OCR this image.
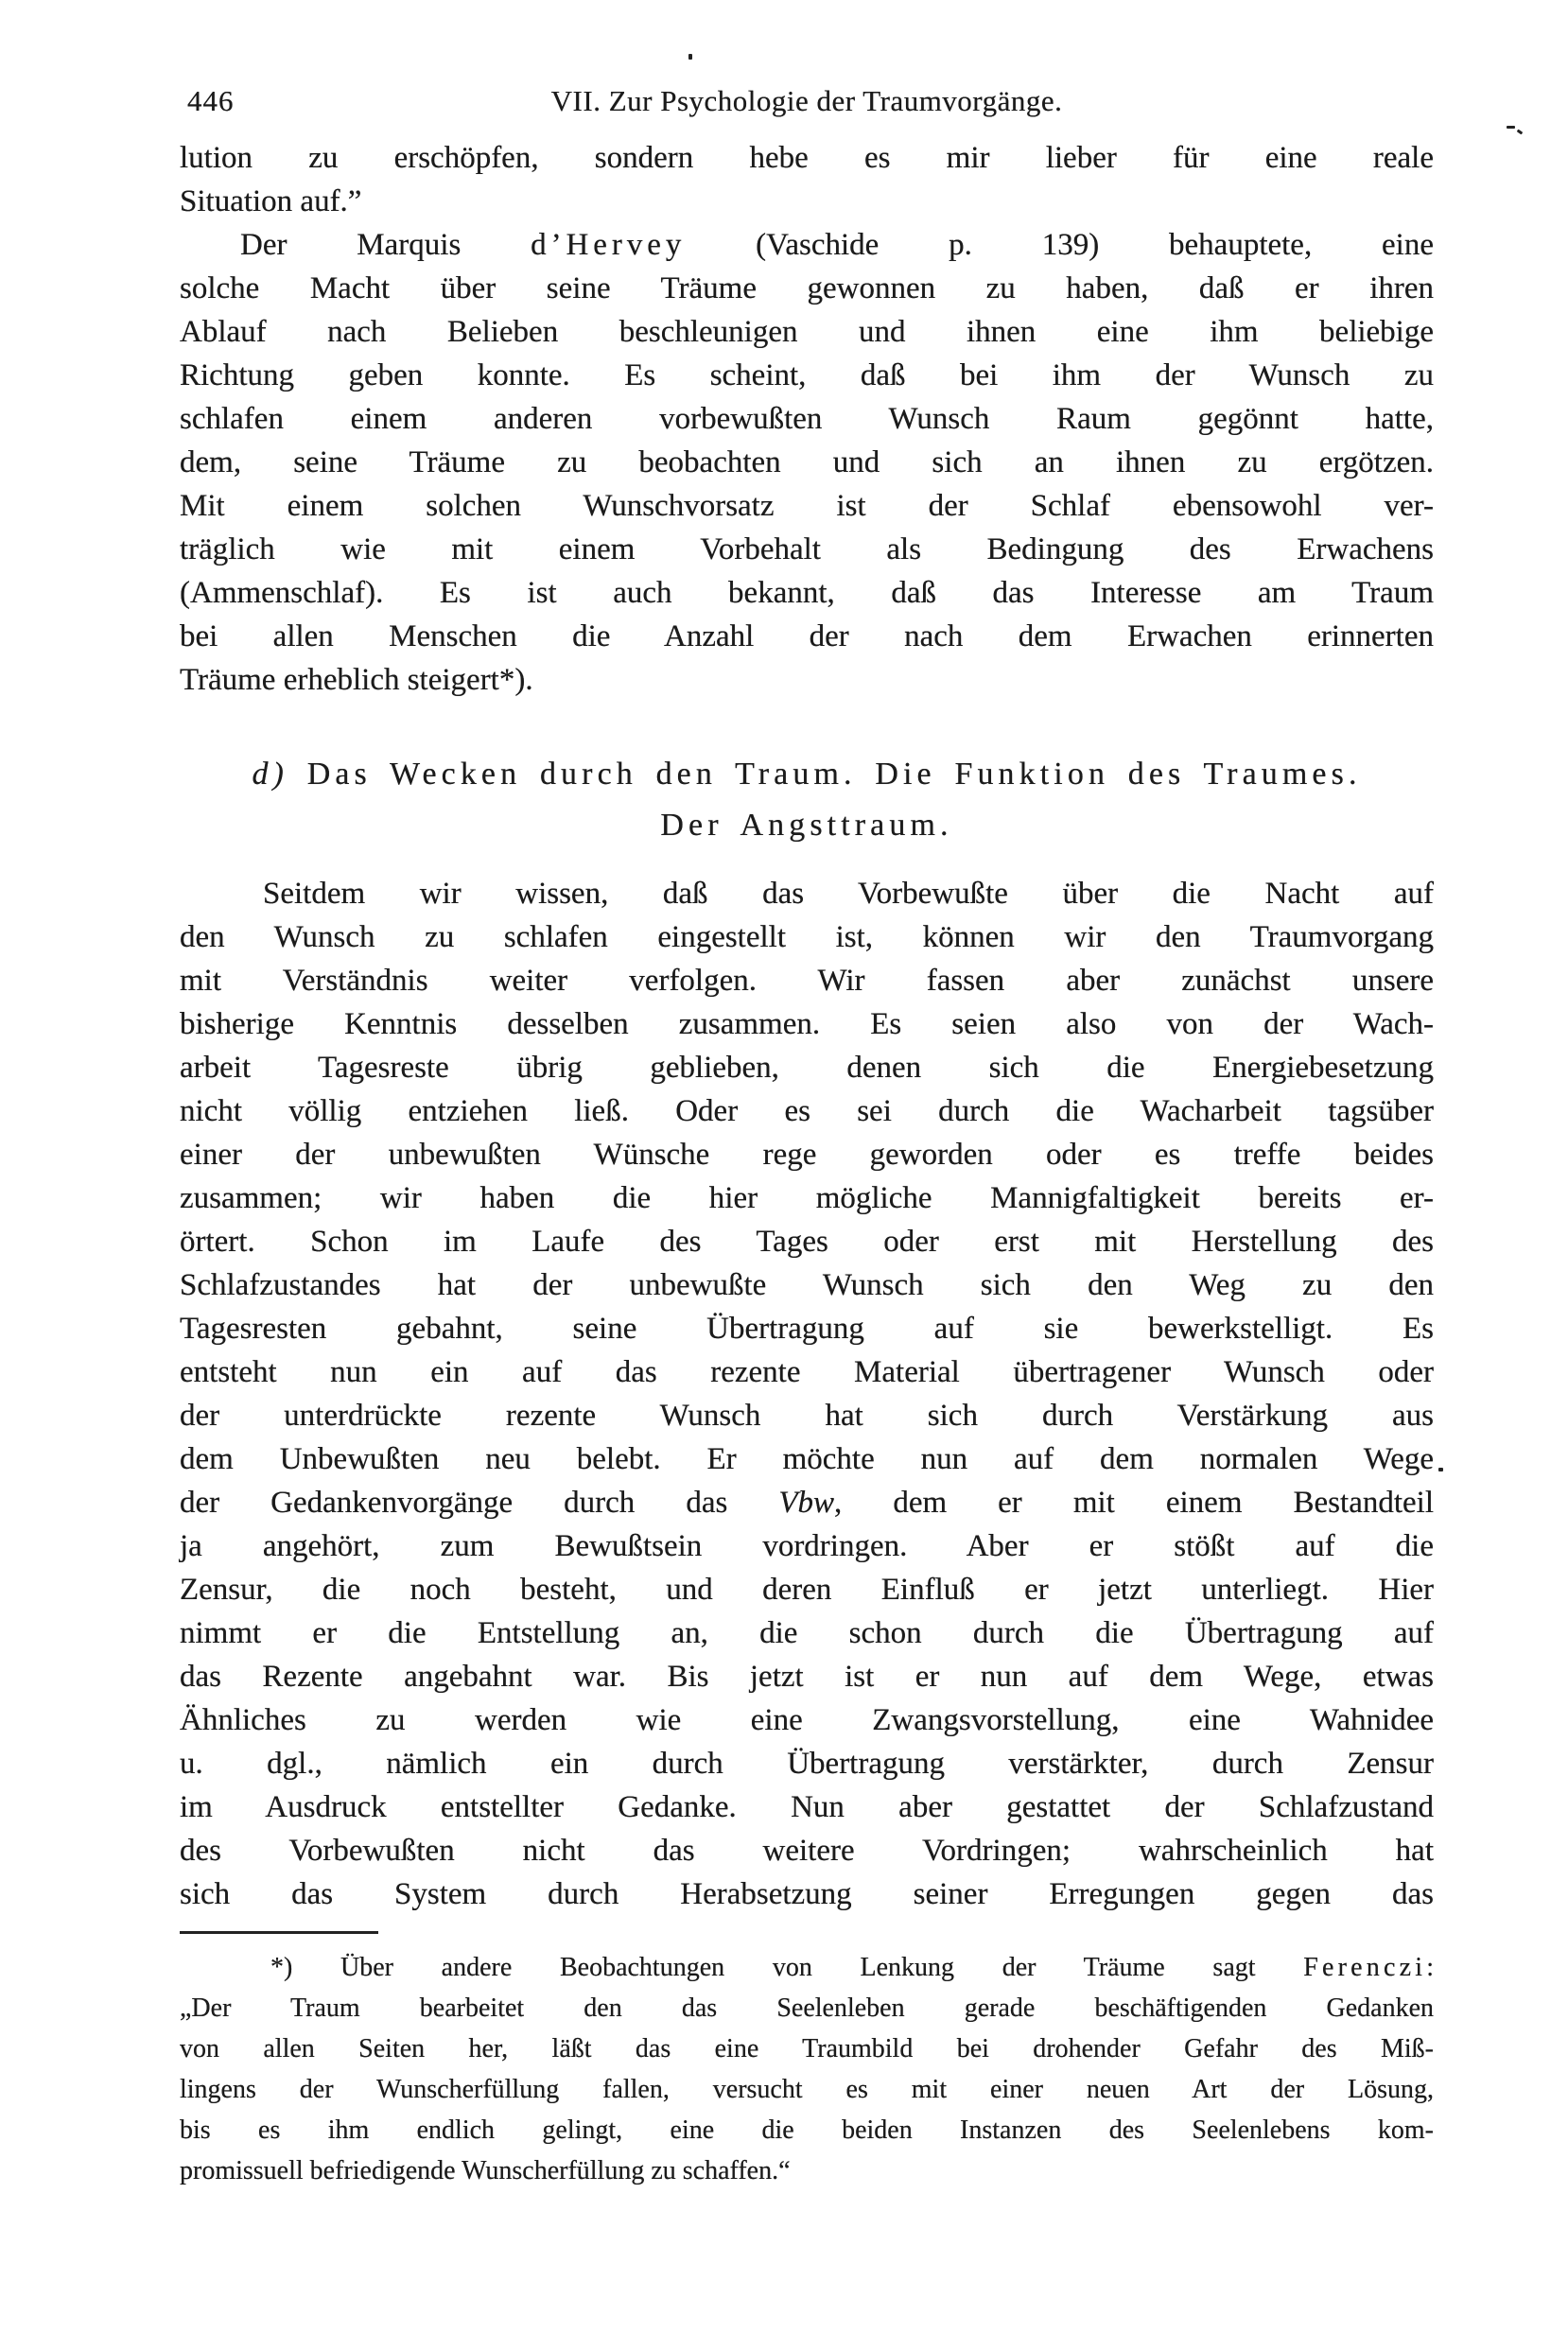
446	VII. Zur Psychologie der Traumvorgänge.

lution zu erschöpfen, sondern hebe es mir lieber für eine reale
Situation auf.”

Der Marquis d’Hervey (Vaschide p. 139) behauptete, eine
solche Macht über seine Träume gewonnen zu haben, daß er ihren
Ablauf nach Belieben beschleunigen und ihnen eine ihm beliebige
Richtung geben konnte. Es scheint, daß bei ihm der Wunsch zu
schlafen einem anderen vorbewußten Wunsch Raum gegönnt hatte,
dem, seine Träume zu beobachten und sich an ihnen zu ergötzen.
Mit einem solchen Wunschvorsatz ist der Schlaf ebensowohl ver-
träglich wie mit einem Vorbehalt als Bedingung des Erwachens
(Ammenschlaf). Es ist auch bekannt, daß das Interesse am Traum
bei allen Menschen die Anzahl der nach dem Erwachen erinnerten
Träume erheblich steigert*).

d) Das Wecken durch den Traum. Die Funktion des Traumes.
Der Angsttraum.

Seitdem wir wissen, daß das Vorbewußte über die Nacht auf
den Wunsch zu schlafen eingestellt ist, können wir den Traumvorgang
mit Verständnis weiter verfolgen. Wir fassen aber zunächst unsere
bisherige Kenntnis desselben zusammen. Es seien also von der Wach-
arbeit Tagesreste übrig geblieben, denen sich die Energiebesetzung
nicht völlig entziehen ließ. Oder es sei durch die Wacharbeit tagsüber
einer der unbewußten Wünsche rege geworden oder es treffe beides
zusammen; wir haben die hier mögliche Mannigfaltigkeit bereits er-
örtert. Schon im Laufe des Tages oder erst mit Herstellung des
Schlafzustandes hat der unbewußte Wunsch sich den Weg zu den
Tagesresten gebahnt, seine Übertragung auf sie bewerkstelligt. Es
entsteht nun ein auf das rezente Material übertragener Wunsch oder
der unterdrückte rezente Wunsch hat sich durch Verstärkung aus
dem Unbewußten neu belebt. Er möchte nun auf dem normalen Wege
der Gedankenvorgänge durch das Vbw, dem er mit einem Bestandteil
ja angehört, zum Bewußtsein vordringen. Aber er stößt auf die
Zensur, die noch besteht, und deren Einfluß er jetzt unterliegt. Hier
nimmt er die Entstellung an, die schon durch die Übertragung auf
das Rezente angebahnt war. Bis jetzt ist er nun auf dem Wege, etwas
Ähnliches zu werden wie eine Zwangsvorstellung, eine Wahnidee
u. dgl., nämlich ein durch Übertragung verstärkter, durch Zensur
im Ausdruck entstellter Gedanke. Nun aber gestattet der Schlafzustand
des Vorbewußten nicht das weitere Vordringen; wahrscheinlich hat
sich das System durch Herabsetzung seiner Erregungen gegen das

*) Über andere Beobachtungen von Lenkung der Träume sagt Ferenczi:
„Der Traum bearbeitet den das Seelenleben gerade beschäftigenden Gedanken
von allen Seiten her, läßt das eine Traumbild bei drohender Gefahr des Miß-
lingens der Wunscherfüllung fallen, versucht es mit einer neuen Art der Lösung,
bis es ihm endlich gelingt, eine die beiden Instanzen des Seelenlebens kom-
promissuell befriedigende Wunscherfüllung zu schaffen.“
